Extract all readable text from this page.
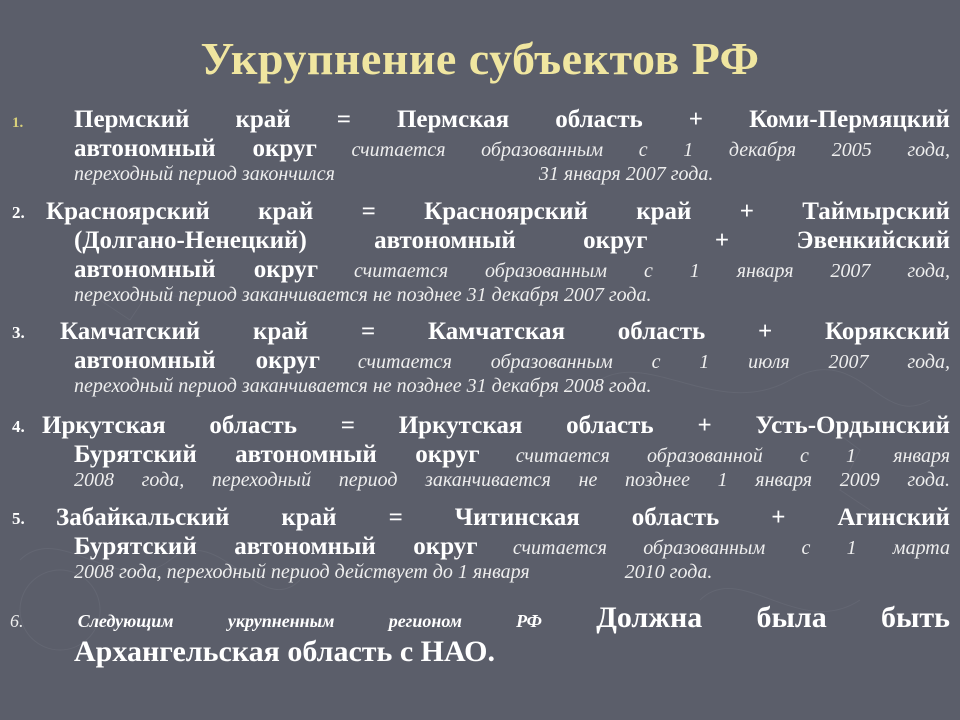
Укрупнение субъектов РФ
1. Пермский край = Пермская область + Коми-Пермяцкий
автономный округ считается образованным с 1 декабря 2005 года,
переходный период закончился	31 января 2007 года.
2. Красноярский край = Красноярский край + Таймырский
(Долгано-Ненецкий)	автономный	округ	+	Эвенкийский
автономный округ считается образованным с 1 января 2007 года,
переходный период заканчивается не позднее 31 декабря 2007 года.
3. Камчатский край = Камчатская область + Корякский
автономный округ считается образованным с 1 июля 2007 года,
переходный период заканчивается не позднее 31 декабря 2008 года.
4. Иркутская область = Иркутская область + Усть-Ордынский
Бурятский автономный округ считается образованной с 1 января
2008 года, переходный период заканчивается не позднее 1 января 2009 года.
5. Забайкальский край = Читинская область + Агинский
Бурятский автономный округ считается образованным с 1 марта
2008 года, переходный период действует до 1 января	2010 года.
6.	Следующим	укрупненным	регионом	РФ Должна была быть
Архангельская область с НАО.
